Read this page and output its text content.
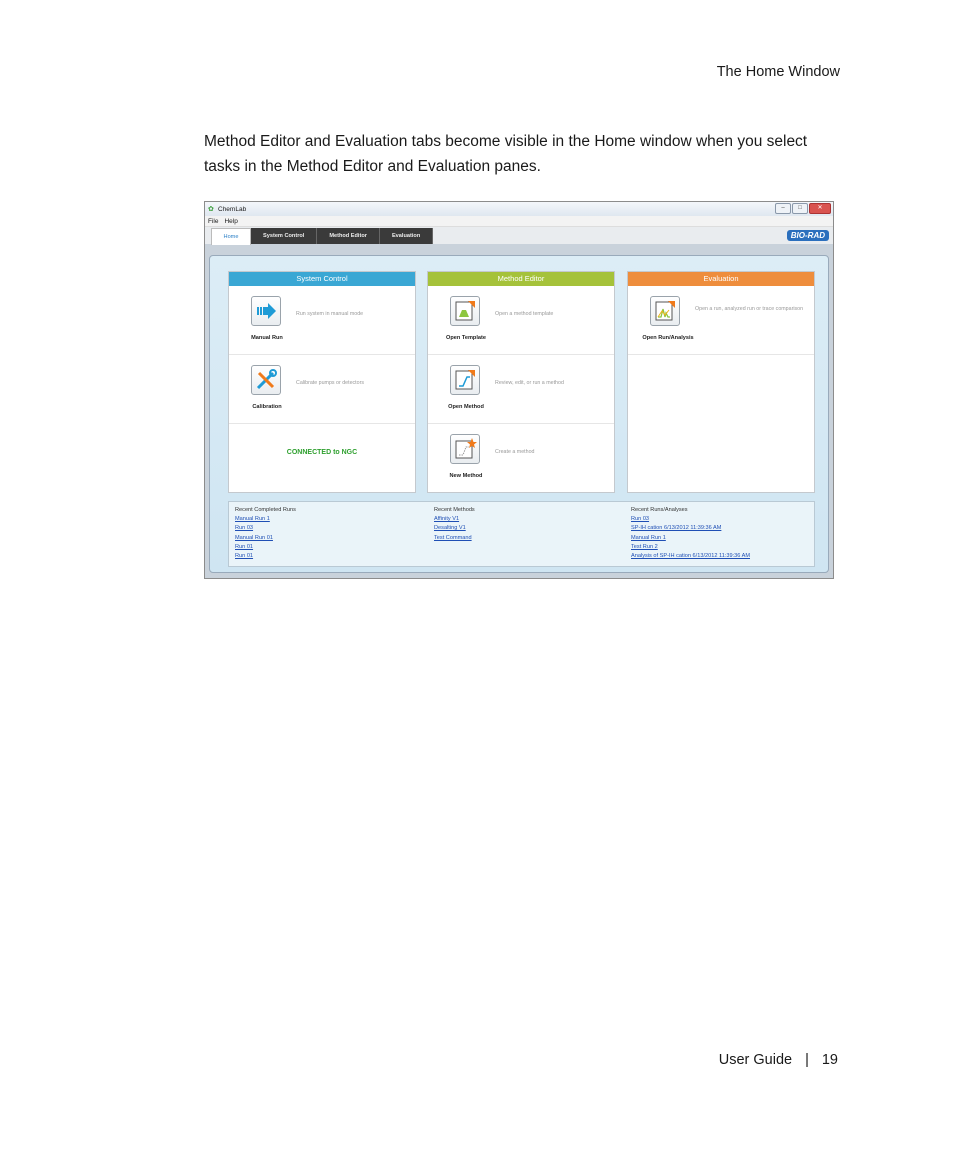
The Home Window
Method Editor and Evaluation tabs become visible in the Home window when you select tasks in the Method Editor and Evaluation panes.
✿ ChemLab	–	□	✕
File Help
Home	System Control	Method Editor	Evaluation	BIO-RAD
System Control
Run system in manual mode
Manual Run
Calibrate pumps or detectors
Calibration
CONNECTED to NGC
Method Editor
Open a method template
Open Template
Review, edit, or run a method
Open Method
Create a method
New Method
Evaluation
Open a run, analyzed run or trace comparison
Open Run/Analysis
Recent Completed Runs
Manual Run 1
Run 03
Manual Run 01
Run 01
Run 01
Recent Methods
Affinity V1
Desalting V1
Test Command
Recent Runs/Analyses
Run 03
SP-IH cation 6/13/2012 11:39:36 AM
Manual Run 1
Test Run 2
Analysis of SP-IH cation 6/13/2012 11:39:36 AM
User Guide | 19
